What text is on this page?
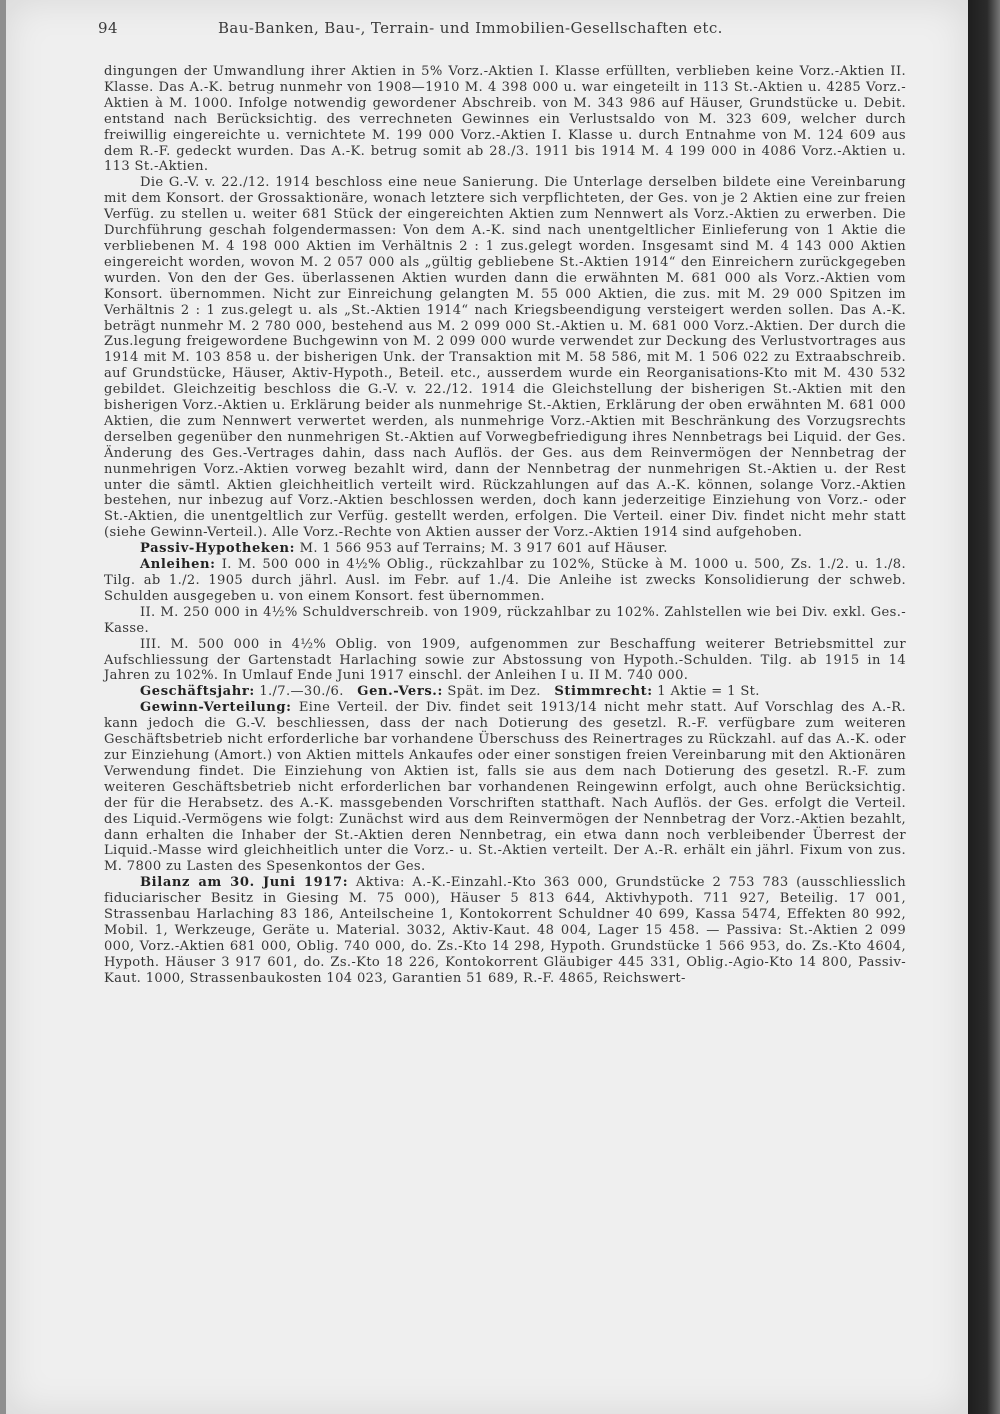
94	Bau-Banken, Bau-, Terrain- und Immobilien-Gesellschaften etc.

dingungen der Umwandlung ihrer Aktien in 5% Vorz.-Aktien I. Klasse erfüllten, verblieben keine Vorz.-Aktien II. Klasse. Das A.-K. betrug nunmehr von 1908—1910 M. 4 398 000 u. war eingeteilt in 113 St.-Aktien u. 4285 Vorz.-Aktien à M. 1000. Infolge notwendig gewordener Abschreib. von M. 343 986 auf Häuser, Grundstücke u. Debit. entstand nach Berücksichtig. des verrechneten Gewinnes ein Verlustsaldo von M. 323 609, welcher durch freiwillig eingereichte u. vernichtete M. 199 000 Vorz.-Aktien I. Klasse u. durch Entnahme von M. 124 609 aus dem R.-F. gedeckt wurden. Das A.-K. betrug somit ab 28./3. 1911 bis 1914 M. 4 199 000 in 4086 Vorz.-Aktien u. 113 St.-Aktien.

Die G.-V. v. 22./12. 1914 beschloss eine neue Sanierung. Die Unterlage derselben bildete eine Vereinbarung mit dem Konsort. der Grossaktionäre, wonach letztere sich verpflichteten, der Ges. von je 2 Aktien eine zur freien Verfüg. zu stellen u. weiter 681 Stück der eingereichten Aktien zum Nennwert als Vorz.-Aktien zu erwerben. Die Durchführung geschah folgendermassen: Von dem A.-K. sind nach unentgeltlicher Einlieferung von 1 Aktie die verbliebenen M. 4 198 000 Aktien im Verhältnis 2 : 1 zus.gelegt worden. Insgesamt sind M. 4 143 000 Aktien eingereicht worden, wovon M. 2 057 000 als „gültig gebliebene St.-Aktien 1914“ den Einreichern zurückgegeben wurden. Von den der Ges. überlassenen Aktien wurden dann die erwähnten M. 681 000 als Vorz.-Aktien vom Konsort. übernommen. Nicht zur Einreichung gelangten M. 55 000 Aktien, die zus. mit M. 29 000 Spitzen im Verhältnis 2 : 1 zus.gelegt u. als „St.-Aktien 1914“ nach Kriegsbeendigung versteigert werden sollen. Das A.-K. beträgt nunmehr M. 2 780 000, bestehend aus M. 2 099 000 St.-Aktien u. M. 681 000 Vorz.-Aktien. Der durch die Zus.legung freigewordene Buchgewinn von M. 2 099 000 wurde verwendet zur Deckung des Verlustvortrages aus 1914 mit M. 103 858 u. der bisherigen Unk. der Transaktion mit M. 58 586, mit M. 1 506 022 zu Extraabschreib. auf Grundstücke, Häuser, Aktiv-Hypoth., Beteil. etc., ausserdem wurde ein Reorganisations-Kto mit M. 430 532 gebildet. Gleichzeitig beschloss die G.-V. v. 22./12. 1914 die Gleichstellung der bisherigen St.-Aktien mit den bisherigen Vorz.-Aktien u. Erklärung beider als nunmehrige St.-Aktien, Erklärung der oben erwähnten M. 681 000 Aktien, die zum Nennwert verwertet werden, als nunmehrige Vorz.-Aktien mit Beschränkung des Vorzugsrechts derselben gegenüber den nunmehrigen St.-Aktien auf Vorwegbefriedigung ihres Nennbetrags bei Liquid. der Ges. Änderung des Ges.-Vertrages dahin, dass nach Auflös. der Ges. aus dem Reinvermögen der Nennbetrag der nunmehrigen Vorz.-Aktien vorweg bezahlt wird, dann der Nennbetrag der nunmehrigen St.-Aktien u. der Rest unter die sämtl. Aktien gleichheitlich verteilt wird. Rückzahlungen auf das A.-K. können, solange Vorz.-Aktien bestehen, nur inbezug auf Vorz.-Aktien beschlossen werden, doch kann jederzeitige Einziehung von Vorz.- oder St.-Aktien, die unentgeltlich zur Verfüg. gestellt werden, erfolgen. Die Verteil. einer Div. findet nicht mehr statt (siehe Gewinn-Verteil.). Alle Vorz.-Rechte von Aktien ausser der Vorz.-Aktien 1914 sind aufgehoben.

Passiv-Hypotheken: M. 1 566 953 auf Terrains; M. 3 917 601 auf Häuser.

Anleihen: I. M. 500 000 in 4½% Oblig., rückzahlbar zu 102%, Stücke à M. 1000 u. 500, Zs. 1./2. u. 1./8. Tilg. ab 1./2. 1905 durch jährl. Ausl. im Febr. auf 1./4. Die Anleihe ist zwecks Konsolidierung der schweb. Schulden ausgegeben u. von einem Konsort. fest übernommen.

II. M. 250 000 in 4½% Schuldverschreib. von 1909, rückzahlbar zu 102%. Zahlstellen wie bei Div. exkl. Ges.-Kasse.

III. M. 500 000 in 4½% Oblig. von 1909, aufgenommen zur Beschaffung weiterer Betriebsmittel zur Aufschliessung der Gartenstadt Harlaching sowie zur Abstossung von Hypoth.-Schulden. Tilg. ab 1915 in 14 Jahren zu 102%. In Umlauf Ende Juni 1917 einschl. der Anleihen I u. II M. 740 000.

Geschäftsjahr: 1./7.—30./6. Gen.-Vers.: Spät. im Dez. Stimmrecht: 1 Aktie = 1 St.

Gewinn-Verteilung: Eine Verteil. der Div. findet seit 1913/14 nicht mehr statt. Auf Vorschlag des A.-R. kann jedoch die G.-V. beschliessen, dass der nach Dotierung des gesetzl. R.-F. verfügbare zum weiteren Geschäftsbetrieb nicht erforderliche bar vorhandene Überschuss des Reinertrages zu Rückzahl. auf das A.-K. oder zur Einziehung (Amort.) von Aktien mittels Ankaufes oder einer sonstigen freien Vereinbarung mit den Aktionären Verwendung findet. Die Einziehung von Aktien ist, falls sie aus dem nach Dotierung des gesetzl. R.-F. zum weiteren Geschäftsbetrieb nicht erforderlichen bar vorhandenen Reingewinn erfolgt, auch ohne Berücksichtig. der für die Herabsetz. des A.-K. massgebenden Vorschriften statthaft. Nach Auflös. der Ges. erfolgt die Verteil. des Liquid.-Vermögens wie folgt: Zunächst wird aus dem Reinvermögen der Nennbetrag der Vorz.-Aktien bezahlt, dann erhalten die Inhaber der St.-Aktien deren Nennbetrag, ein etwa dann noch verbleibender Überrest der Liquid.-Masse wird gleichheitlich unter die Vorz.- u. St.-Aktien verteilt. Der A.-R. erhält ein jährl. Fixum von zus. M. 7800 zu Lasten des Spesenkontos der Ges.

Bilanz am 30. Juni 1917: Aktiva: A.-K.-Einzahl.-Kto 363 000, Grundstücke 2 753 783 (ausschliesslich fiduciarischer Besitz in Giesing M. 75 000), Häuser 5 813 644, Aktivhypoth. 711 927, Beteilig. 17 001, Strassenbau Harlaching 83 186, Anteilscheine 1, Kontokorrent Schuldner 40 699, Kassa 5474, Effekten 80 992, Mobil. 1, Werkzeuge, Geräte u. Material. 3032, Aktiv-Kaut. 48 004, Lager 15 458. — Passiva: St.-Aktien 2 099 000, Vorz.-Aktien 681 000, Oblig. 740 000, do. Zs.-Kto 14 298, Hypoth. Grundstücke 1 566 953, do. Zs.-Kto 4604, Hypoth. Häuser 3 917 601, do. Zs.-Kto 18 226, Kontokorrent Gläubiger 445 331, Oblig.-Agio-Kto 14 800, Passiv-Kaut. 1000, Strassenbaukosten 104 023, Garantien 51 689, R.-F. 4865, Reichswert-
